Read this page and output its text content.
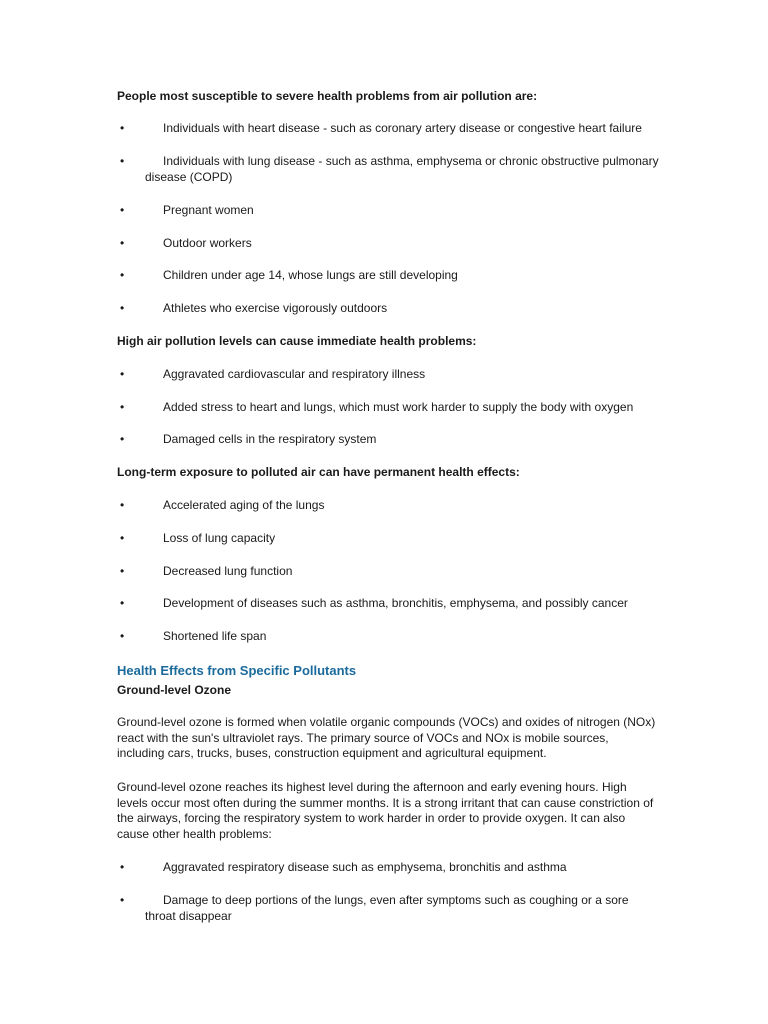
People most susceptible to severe health problems from air pollution are:
•	Individuals with heart disease - such as coronary artery disease or congestive heart failure
•	Individuals with lung disease - such as asthma, emphysema or chronic obstructive pulmonary disease (COPD)
•	Pregnant women
•	Outdoor workers
•	Children under age 14, whose lungs are still developing
•	Athletes who exercise vigorously outdoors
High air pollution levels can cause immediate health problems:
•	Aggravated cardiovascular and respiratory illness
•	Added stress to heart and lungs, which must work harder to supply the body with oxygen
•	Damaged cells in the respiratory system
Long-term exposure to polluted air can have permanent health effects:
•	Accelerated aging of the lungs
•	Loss of lung capacity
•	Decreased lung function
•	Development of diseases such as asthma, bronchitis, emphysema, and possibly cancer
•	Shortened life span
Health Effects from Specific Pollutants
Ground-level Ozone
Ground-level ozone is formed when volatile organic compounds (VOCs) and oxides of nitrogen (NOx) react with the sun's ultraviolet rays. The primary source of VOCs and NOx is mobile sources, including cars, trucks, buses, construction equipment and agricultural equipment.
Ground-level ozone reaches its highest level during the afternoon and early evening hours. High levels occur most often during the summer months. It is a strong irritant that can cause constriction of the airways, forcing the respiratory system to work harder in order to provide oxygen. It can also cause other health problems:
•	Aggravated respiratory disease such as emphysema, bronchitis and asthma
•	Damage to deep portions of the lungs, even after symptoms such as coughing or a sore throat disappear
